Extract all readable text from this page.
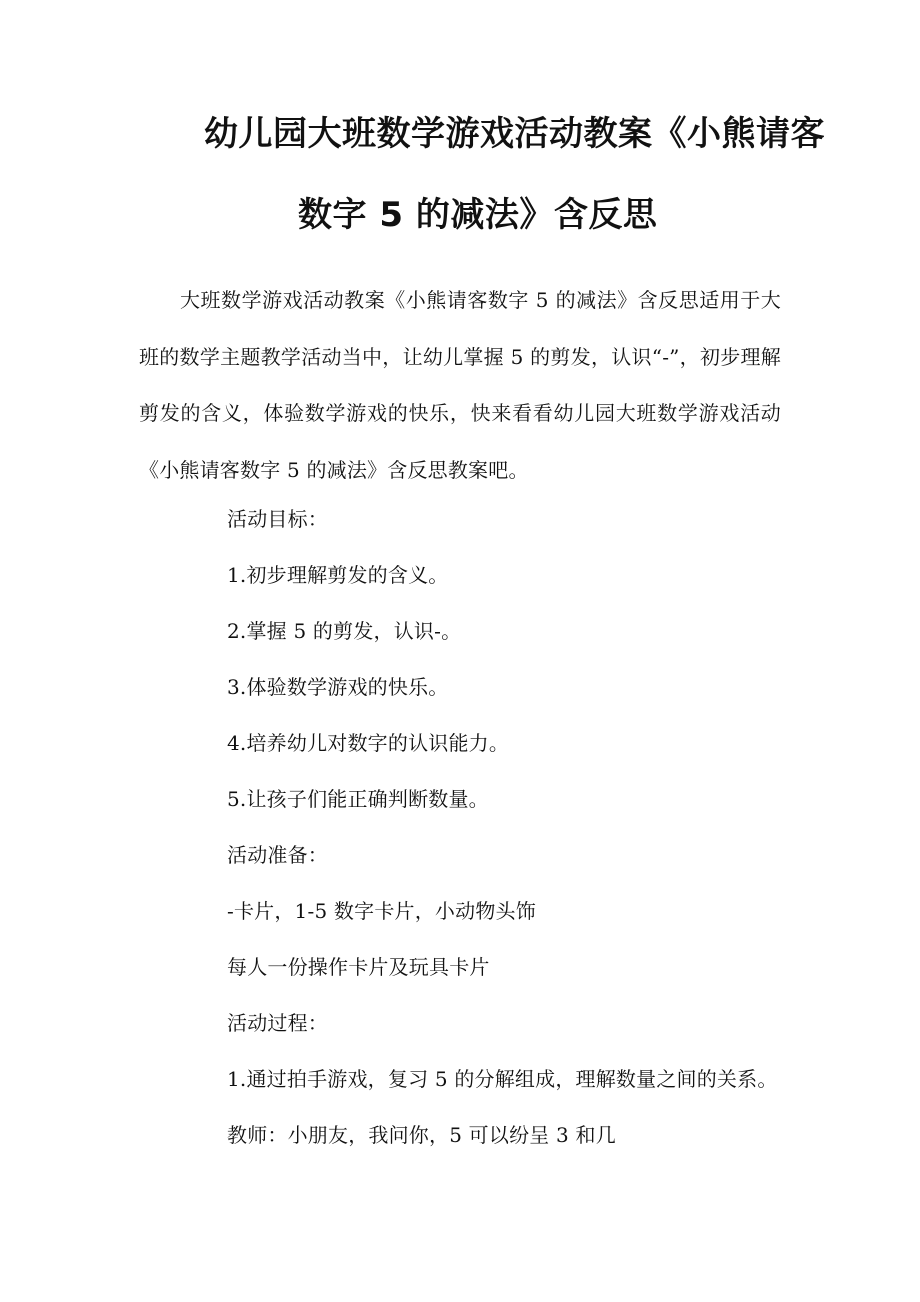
幼儿园大班数学游戏活动教案《小熊请客
数字 5 的减法》含反思

大班数学游戏活动教案《小熊请客数字 5 的减法》含反思适用于大班的数学主题教学活动当中，让幼儿掌握 5 的剪发，认识“-”，初步理解剪发的含义，体验数学游戏的快乐，快来看看幼儿园大班数学游戏活动《小熊请客数字 5 的减法》含反思教案吧。

活动目标：

1.初步理解剪发的含义。

2.掌握 5 的剪发，认识-。

3.体验数学游戏的快乐。

4.培养幼儿对数字的认识能力。

5.让孩子们能正确判断数量。

活动准备：

-卡片，1-5 数字卡片，小动物头饰

每人一份操作卡片及玩具卡片

活动过程：

1.通过拍手游戏，复习 5 的分解组成，理解数量之间的关系。

教师：小朋友，我问你，5 可以纷呈 3 和几
